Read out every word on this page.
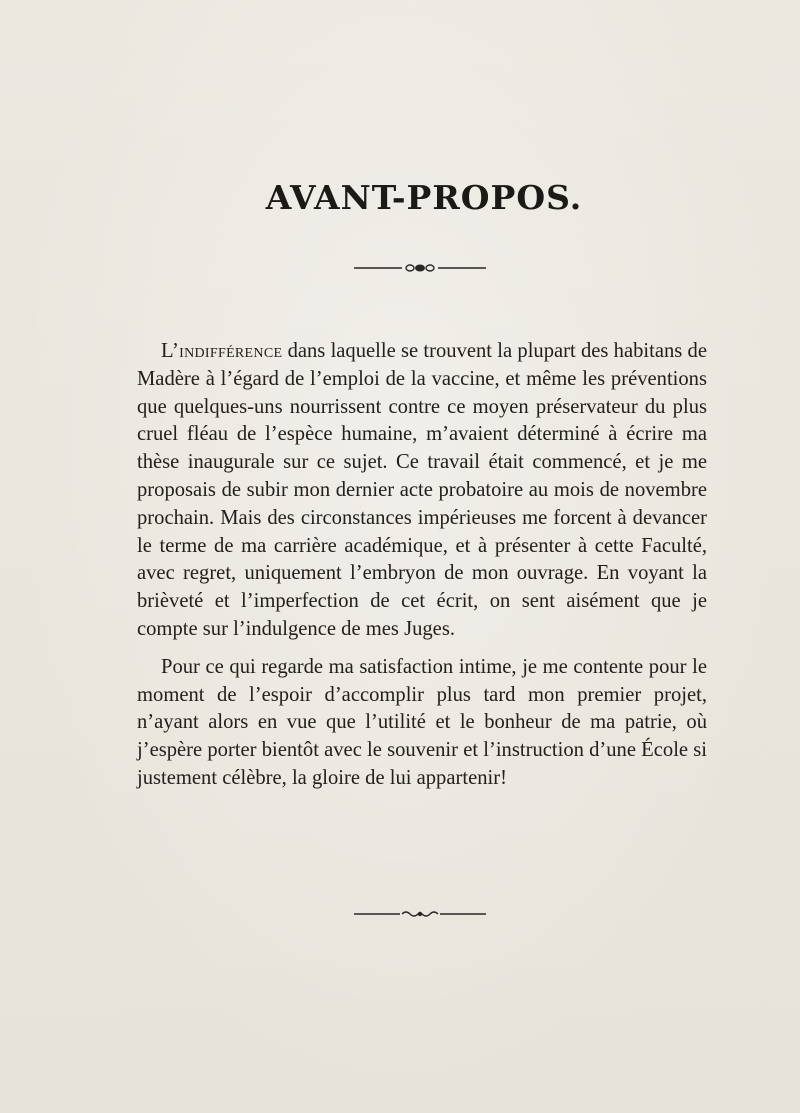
AVANT-PROPOS.

L’indifférence dans laquelle se trouvent la plupart des habitans de Madère à l’égard de l’emploi de la vaccine, et même les préventions que quelques-uns nourrissent contre ce moyen préservateur du plus cruel fléau de l’espèce humaine, m’avaient déterminé à écrire ma thèse inaugurale sur ce sujet. Ce travail était commencé, et je me proposais de subir mon dernier acte probatoire au mois de novembre prochain. Mais des circonstances impérieuses me forcent à devancer le terme de ma carrière académique, et à présenter à cette Faculté, avec regret, uniquement l’embryon de mon ouvrage. En voyant la brièveté et l’imperfection de cet écrit, on sent aisément que je compte sur l’indulgence de mes Juges.

Pour ce qui regarde ma satisfaction intime, je me contente pour le moment de l’espoir d’accomplir plus tard mon premier projet, n’ayant alors en vue que l’utilité et le bonheur de ma patrie, où j’espère porter bientôt avec le souvenir et l’instruction d’une École si justement célèbre, la gloire de lui appartenir!
